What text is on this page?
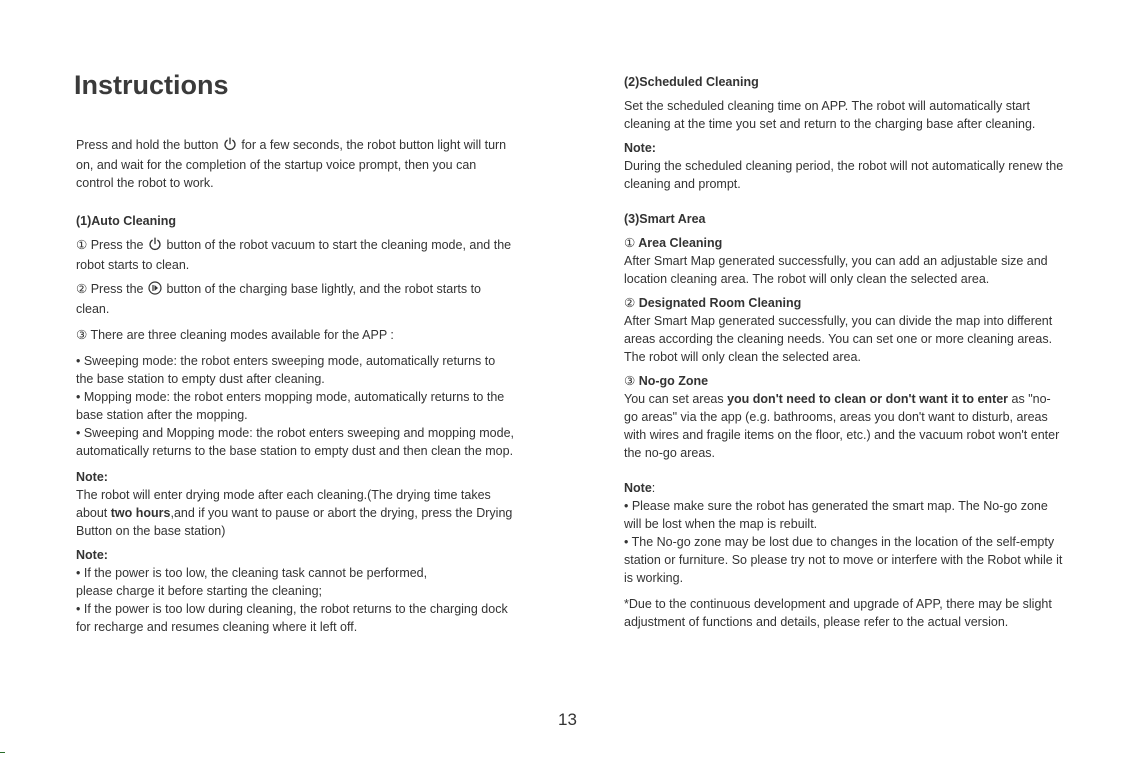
Instructions

Press and hold the button  for a few seconds, the robot button light will turn on, and wait for the completion of the startup voice prompt, then you can control the robot to work.

(1)Auto Cleaning

① Press the  button of the robot vacuum to start the cleaning mode, and the robot starts to clean.

② Press the  button of the charging base lightly, and the robot starts to clean.

③ There are three cleaning modes available for the APP :

• Sweeping mode: the robot enters sweeping mode, automatically returns to the base station to empty dust after cleaning.

• Mopping mode: the robot enters mopping mode, automatically returns to the base station after the mopping.

• Sweeping and Mopping mode: the robot enters sweeping and mopping mode, automatically returns to the base station to empty dust and then clean the mop.

Note:

The robot will enter drying mode after each cleaning.(The drying time takes about two hours,and if you want to pause or abort the drying, press the Drying Button on the base station)

Note:

• If the power is too low, the cleaning task cannot be performed,

please charge it before starting the cleaning;

• If the power is too low during cleaning, the robot returns to the charging dock for recharge and resumes cleaning where it left off.

(2)Scheduled Cleaning

Set the scheduled cleaning time on APP. The robot will automatically start cleaning at the time you set and return to the charging base after cleaning.

Note:

During the scheduled cleaning period, the robot will not automatically renew the cleaning and prompt.

(3)Smart Area

① Area Cleaning

After Smart Map generated successfully, you can add an adjustable size and location cleaning area. The robot will only clean the selected area.

② Designated Room Cleaning

After Smart Map generated successfully, you can divide the map into different areas according the cleaning needs. You can set one or more cleaning areas. The robot will only clean the selected area.

③ No-go Zone

You can set areas you don't need to clean or don't want it to enter as "no-go areas" via the app (e.g. bathrooms, areas you don't want to disturb, areas with wires and fragile items on the floor, etc.) and the vacuum robot won't enter the no-go areas.

Note:

• Please make sure the robot has generated the smart map. The No-go zone will be lost when the map is rebuilt.

• The No-go zone may be lost due to changes in the location of the self-empty station or furniture. So please try not to move or interfere with the Robot while it is working.

*Due to the continuous development and upgrade of APP, there may be slight adjustment of functions and details, please refer to the actual version.

13
